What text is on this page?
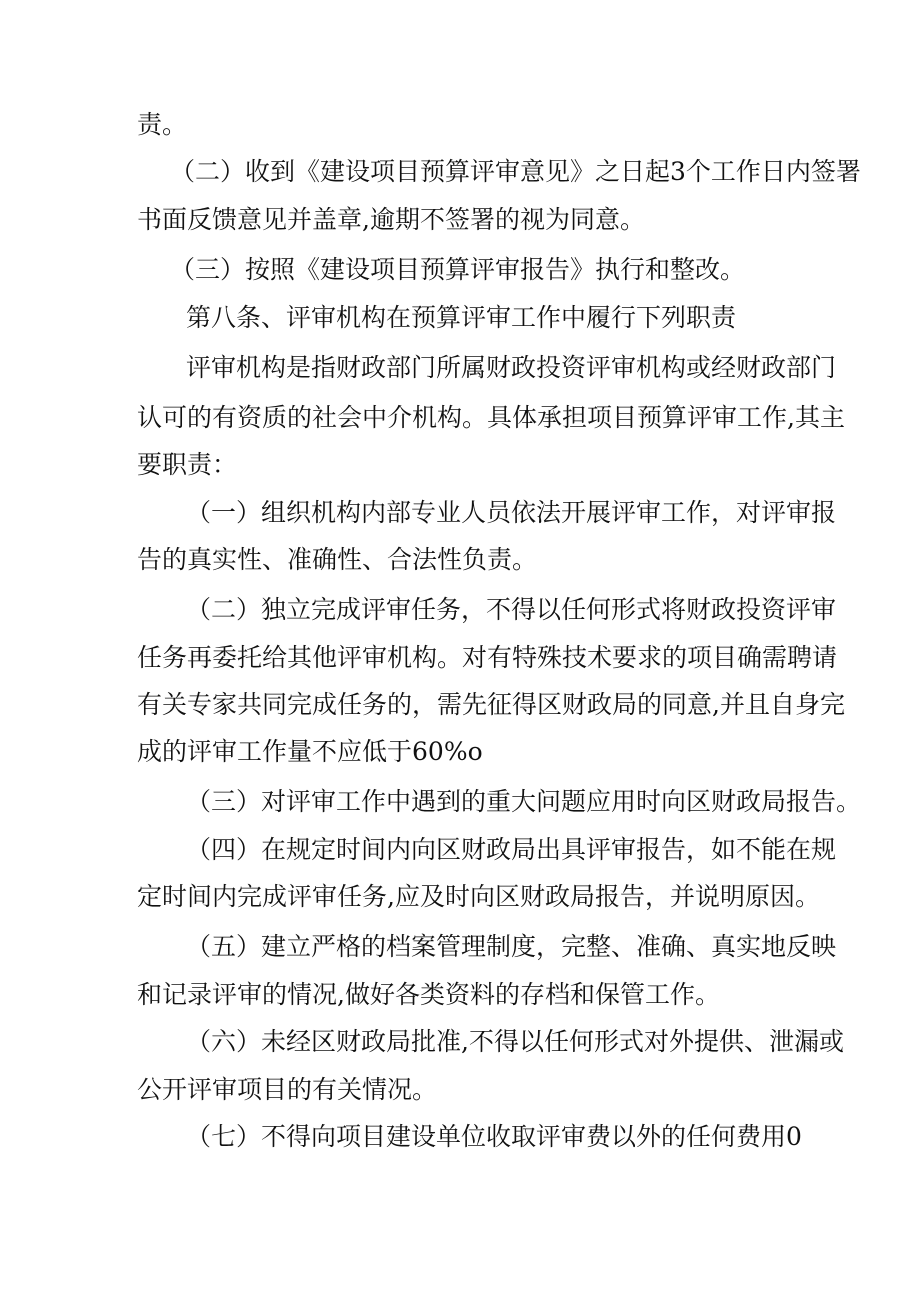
责。

（二）收到《建设项目预算评审意见》之日起3个工作日内签署

书面反馈意见并盖章,逾期不签署的视为同意。

（三）按照《建设项目预算评审报告》执行和整改。

第八条、评审机构在预算评审工作中履行下列职责

评审机构是指财政部门所属财政投资评审机构或经财政部门

认可的有资质的社会中介机构。具体承担项目预算评审工作,其主

要职责：

（一）组织机构内部专业人员依法开展评审工作，对评审报

告的真实性、准确性、合法性负责。

（二）独立完成评审任务，不得以任何形式将财政投资评审

任务再委托给其他评审机构。对有特殊技术要求的项目确需聘请

有关专家共同完成任务的，需先征得区财政局的同意,并且自身完

成的评审工作量不应低于60%o

（三）对评审工作中遇到的重大问题应用时向区财政局报告。

（四）在规定时间内向区财政局出具评审报告，如不能在规

定时间内完成评审任务,应及时向区财政局报告，并说明原因。

（五）建立严格的档案管理制度，完整、准确、真实地反映

和记录评审的情况,做好各类资料的存档和保管工作。

（六）未经区财政局批准,不得以任何形式对外提供、泄漏或

公开评审项目的有关情况。

（七）不得向项目建设单位收取评审费以外的任何费用0
